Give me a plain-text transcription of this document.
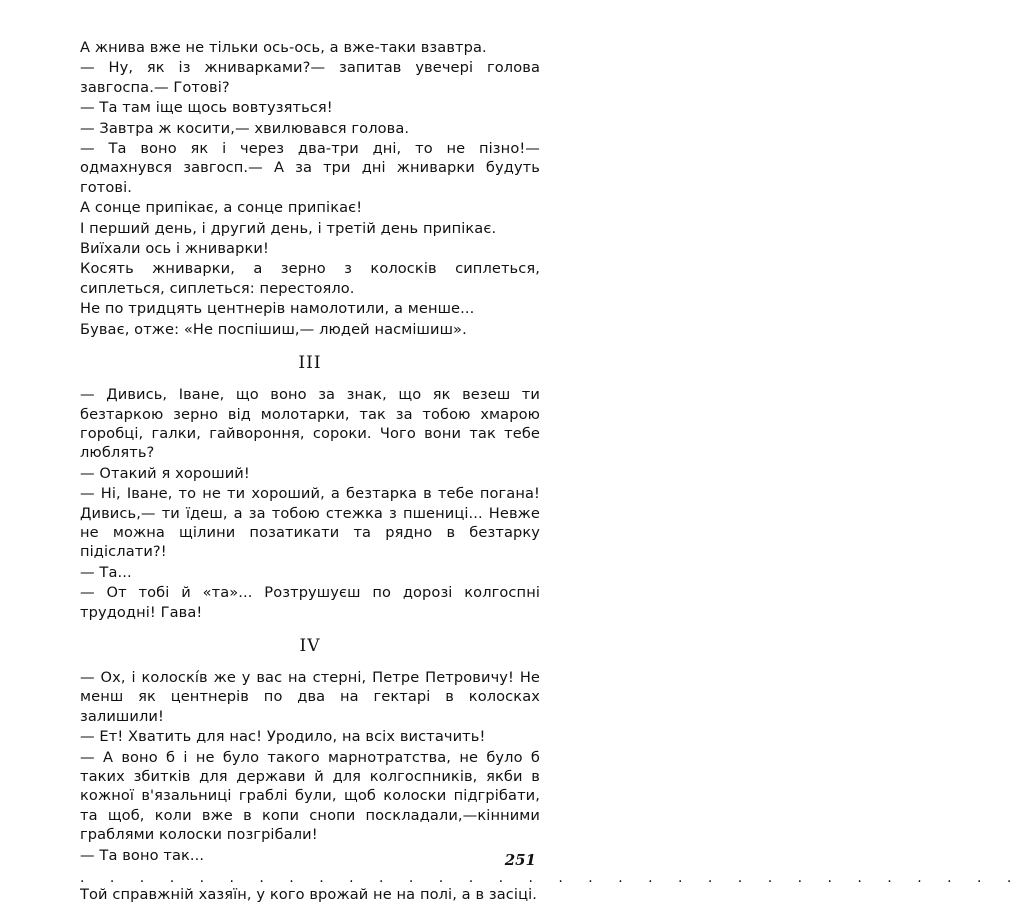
А жнива вже не тільки ось-ось, а вже-таки взавтра.

— Ну, як із жниварками?— запитав увечері голова завгоспа.— Готові?

— Та там іще щось вовтузяться!

— Завтра ж косити,— хвилювався голова.

— Та воно як і через два-три дні, то не пізно!— одмахнувся завгосп.— А за три дні жниварки будуть готові.

А сонце припікає, а сонце припікає!

І перший день, і другий день, і третій день припікає.

Виїхали ось і жниварки!

Косять жниварки, а зерно з колосків сиплеться, сиплеться, сиплеться: перестояло.

Не по тридцять центнерів намолотили, а менше...

Буває, отже: «Не поспішиш,— людей насмішиш».

III

— Дивись, Іване, що воно за знак, що як везеш ти безтаркою зерно від молотарки, так за тобою хмарою горобці, галки, гайвороння, сороки. Чого вони так тебе люблять?

— Отакий я хороший!

— Ні, Іване, то не ти хороший, а безтарка в тебе погана! Дивись,— ти їдеш, а за тобою стежка з пшениці... Невже не можна щілини позатикати та рядно в безтарку підіслати?!

— Та...

— От тобі й «та»... Розтрушуєш по дорозі колгоспні трудодні! Гава!

IV

— Ох, і колоскі́в же у вас на стерні, Петре Петровичу! Не менш як центнерів по два на гектарі в колосках залишили!

— Ет! Хватить для нас! Уродило, на всіх вистачить!

— А воно б і не було такого марнотратства, не було б таких збитків для держави й для колгоспників, якби в кожної в'язальниці граблі були, щоб колоски підгрібати, та щоб, коли вже в копи снопи поскладали,—кінними граблями колоски позгрібали!

— Та воно так...

. . . . . . . . . . . . . . . . . . . . . . . . . . . . . . . .

Той справжній хазяїн, у кого врожай не на полі, а в засіці.

251
